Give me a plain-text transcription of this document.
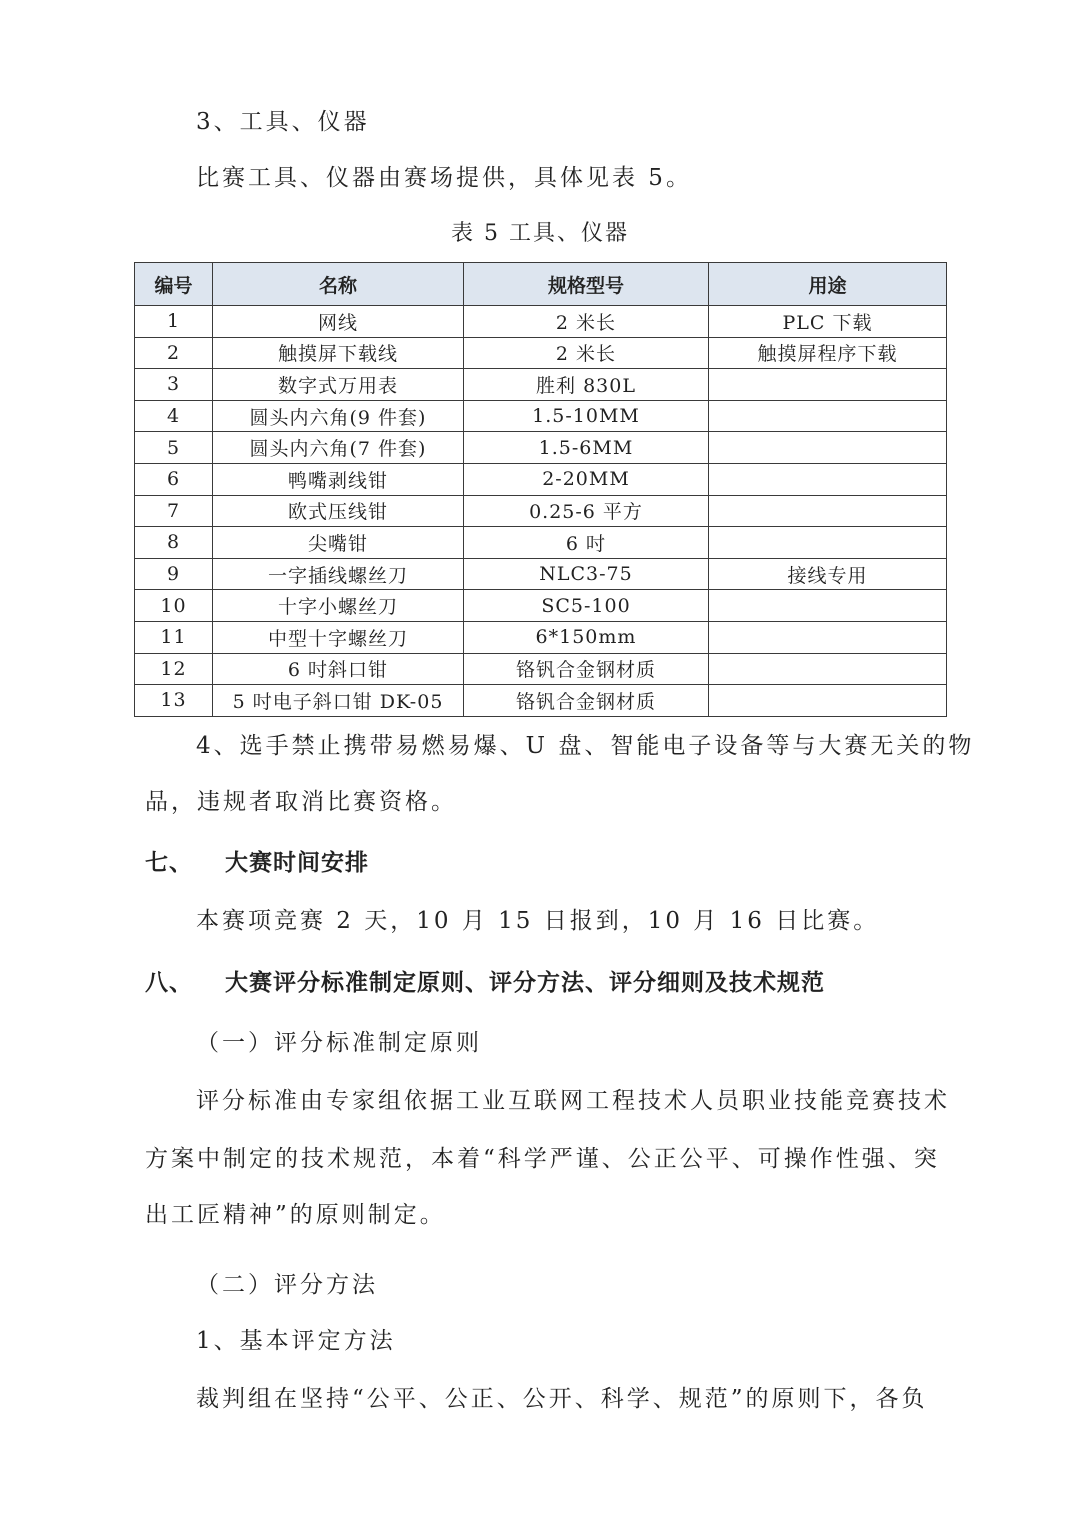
3、工具、仪器
比赛工具、仪器由赛场提供，具体见表 5。
表 5 工具、仪器
编号	名称	规格型号	用途
1	网线	2 米长	PLC 下载
2	触摸屏下载线	2 米长	触摸屏程序下载
3	数字式万用表	胜利 830L	
4	圆头内六角(9 件套)	1.5-10MM	
5	圆头内六角(7 件套)	1.5-6MM	
6	鸭嘴剥线钳	2-20MM	
7	欧式压线钳	0.25-6 平方	
8	尖嘴钳	6 吋	
9	一字插线螺丝刀	NLC3-75	接线专用
10	十字小螺丝刀	SC5-100	
11	中型十字螺丝刀	6*150mm	
12	6 吋斜口钳	铬钒合金钢材质	
13	5 吋电子斜口钳 DK-05	铬钒合金钢材质	
4、选手禁止携带易燃易爆、U 盘、智能电子设备等与大赛无关的物
品，违规者取消比赛资格。
七、 大赛时间安排
本赛项竞赛 2 天，10 月 15 日报到，10 月 16 日比赛。
八、 大赛评分标准制定原则、评分方法、评分细则及技术规范
（一）评分标准制定原则
评分标准由专家组依据工业互联网工程技术人员职业技能竞赛技术
方案中制定的技术规范，本着“科学严谨、公正公平、可操作性强、突
出工匠精神”的原则制定。
（二）评分方法
1、基本评定方法
裁判组在坚持“公平、公正、公开、科学、规范”的原则下，各负
